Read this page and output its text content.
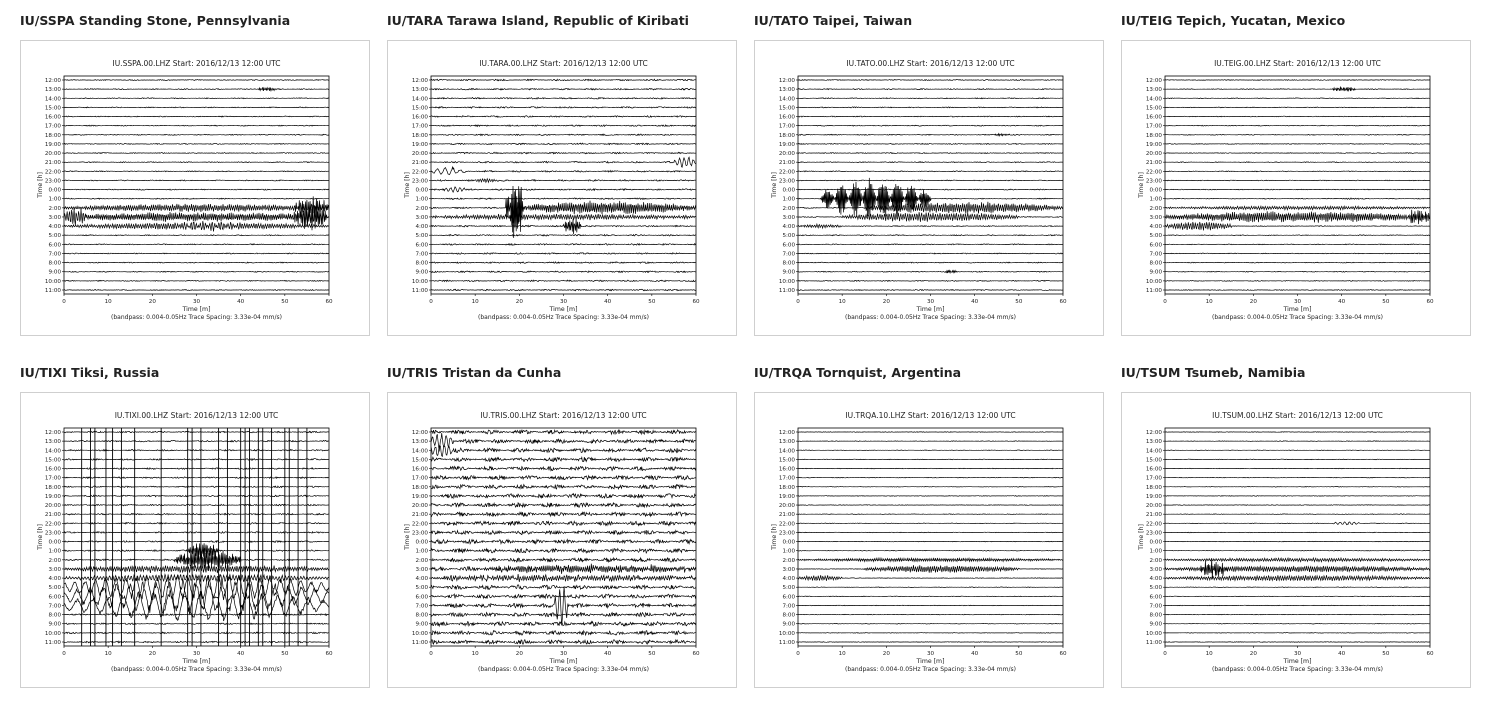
IU/SSPA Standing Stone, Pennsylvania
IU.SSPA.00.LHZ Start: 2016/12/13 12:00 UTC
12:00
13:00
14:00
15:00
16:00
17:00
18:00
19:00
20:00
21:00
22:00
23:00
0:00
1:00
2:00
3:00
4:00
5:00
6:00
7:00
8:00
9:00
10:00
11:00
0	10	20	30	40	50	60
Time [m]
Time [h]
(bandpass: 0.004-0.05Hz Trace Spacing: 3.33e-04 mm/s)
IU/TARA Tarawa Island, Republic of Kiribati
IU.TARA.00.LHZ Start: 2016/12/13 12:00 UTC
12:00
13:00
14:00
15:00
16:00
17:00
18:00
19:00
20:00
21:00
22:00
23:00
0:00
1:00
2:00
3:00
4:00
5:00
6:00
7:00
8:00
9:00
10:00
11:00
0	10	20	30	40	50	60
Time [m]
Time [h]
(bandpass: 0.004-0.05Hz Trace Spacing: 3.33e-04 mm/s)
IU/TATO Taipei, Taiwan
IU.TATO.00.LHZ Start: 2016/12/13 12:00 UTC
12:00
13:00
14:00
15:00
16:00
17:00
18:00
19:00
20:00
21:00
22:00
23:00
0:00
1:00
2:00
3:00
4:00
5:00
6:00
7:00
8:00
9:00
10:00
11:00
0	10	20	30	40	50	60
Time [m]
Time [h]
(bandpass: 0.004-0.05Hz Trace Spacing: 3.33e-04 mm/s)
IU/TEIG Tepich, Yucatan, Mexico
IU.TEIG.00.LHZ Start: 2016/12/13 12:00 UTC
12:00
13:00
14:00
15:00
16:00
17:00
18:00
19:00
20:00
21:00
22:00
23:00
0:00
1:00
2:00
3:00
4:00
5:00
6:00
7:00
8:00
9:00
10:00
11:00
0	10	20	30	40	50	60
Time [m]
Time [h]
(bandpass: 0.004-0.05Hz Trace Spacing: 3.33e-04 mm/s)
IU/TIXI Tiksi, Russia
IU.TIXI.00.LHZ Start: 2016/12/13 12:00 UTC
12:00
13:00
14:00
15:00
16:00
17:00
18:00
19:00
20:00
21:00
22:00
23:00
0:00
1:00
2:00
3:00
4:00
5:00
6:00
7:00
8:00
9:00
10:00
11:00
0	10	20	30	40	50	60
Time [m]
Time [h]
(bandpass: 0.004-0.05Hz Trace Spacing: 3.33e-04 mm/s)
IU/TRIS Tristan da Cunha
IU.TRIS.00.LHZ Start: 2016/12/13 12:00 UTC
12:00
13:00
14:00
15:00
16:00
17:00
18:00
19:00
20:00
21:00
22:00
23:00
0:00
1:00
2:00
3:00
4:00
5:00
6:00
7:00
8:00
9:00
10:00
11:00
0	10	20	30	40	50	60
Time [m]
Time [h]
(bandpass: 0.004-0.05Hz Trace Spacing: 3.33e-04 mm/s)
IU/TRQA Tornquist, Argentina
IU.TRQA.10.LHZ Start: 2016/12/13 12:00 UTC
12:00
13:00
14:00
15:00
16:00
17:00
18:00
19:00
20:00
21:00
22:00
23:00
0:00
1:00
2:00
3:00
4:00
5:00
6:00
7:00
8:00
9:00
10:00
11:00
0	10	20	30	40	50	60
Time [m]
Time [h]
(bandpass: 0.004-0.05Hz Trace Spacing: 3.33e-04 mm/s)
IU/TSUM Tsumeb, Namibia
IU.TSUM.00.LHZ Start: 2016/12/13 12:00 UTC
12:00
13:00
14:00
15:00
16:00
17:00
18:00
19:00
20:00
21:00
22:00
23:00
0:00
1:00
2:00
3:00
4:00
5:00
6:00
7:00
8:00
9:00
10:00
11:00
0	10	20	30	40	50	60
Time [m]
Time [h]
(bandpass: 0.004-0.05Hz Trace Spacing: 3.33e-04 mm/s)
